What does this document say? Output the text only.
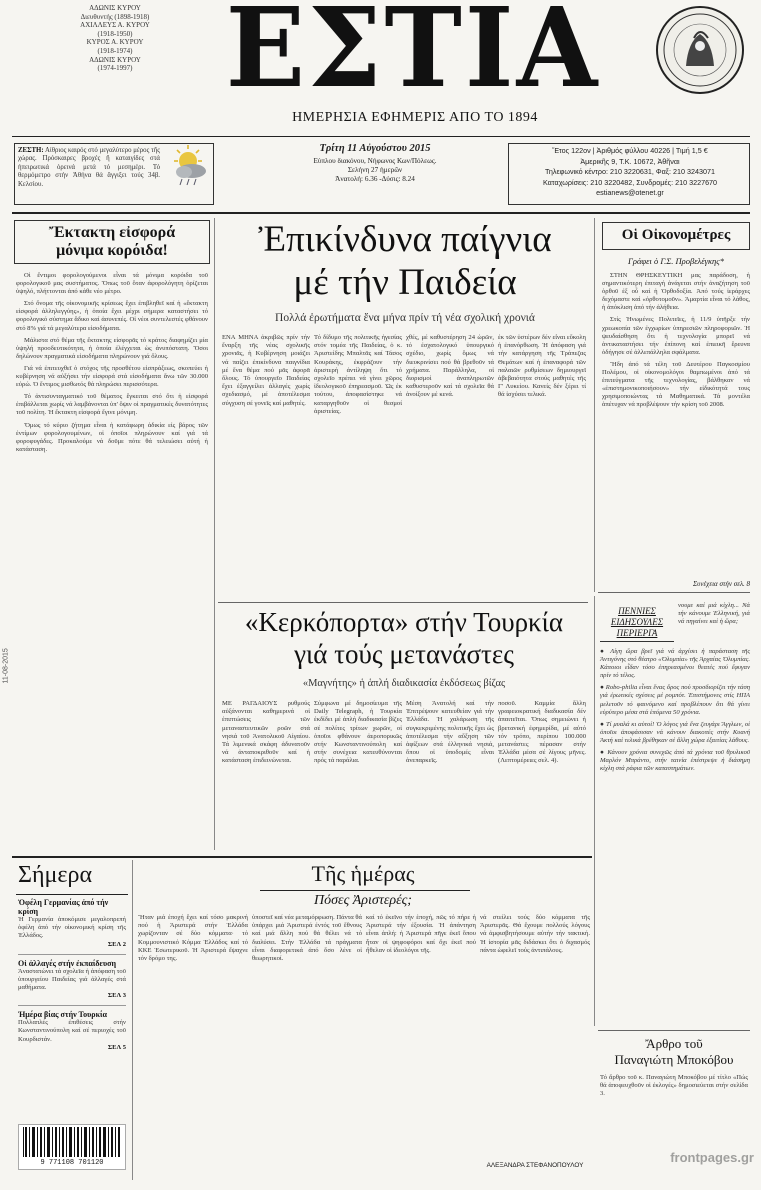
ΑΔΩΝΙΣ ΚΥΡΟΥ
Διευθυντής (1898-1918)
ΑΧΙΛΛΕΥΣ Α. ΚΥΡΟΥ
(1918-1950)
ΚΥΡΟΣ Α. ΚΥΡΟΥ
(1918-1974)
ΑΔΩΝΙΣ ΚΥΡΟΥ
(1974-1997) ΕΣΤΙΑ
ΗΜΕΡΗΣΙΑ ΕΦΗΜΕΡΙΣ ΑΠΟ ΤΟ 1894
ΖΕΣΤΗ: Αίθριος καιρός στό μεγαλύτερο μέρος τῆς χώρας. Πρόσκαιρες βροχές ἢ καταιγίδες στά ἠπειρωτικά ὀρεινά μετά τό μεσημέρι. Τό θερμόμετρο στήν Ἀθήνα θά ἄγγιξει τούς 34β. Κελσίου.
Τρίτη 11 Αὐγούστου 2015
Εὐπλου διακόνου, Νήφωνος Κων/Πόλεως.
Σελήνη 27 ἡμερῶν
Ἀνατολή: 6.36 -Δύσις: 8.24
Ἔτος 122ον | Ἀριθμός φύλλου 40226 | Τιμή 1,5 €
Ἀμερικῆς 9, Τ.Κ. 10672, Ἀθῆναι
Τηλεφωνικό κέντρο: 210 3220631, Φαξ: 210 3243071
Καταχωρίσεις: 210 3220482, Συνδρομές: 210 3227670
estianews@otenet.gr
11-08-2015
Ἔκτακτη εἰσφορά
μόνιμα κορόιδα!

Οἱ ἔντιμοι φορολογούμενοι εἶναι τά μόνιμα κορόιδα τοῦ φορολογικοῦ μας συστήματος. Ὅπως τοῦ ὅταν ἀφορολόγητη ὁρίζεται ὑψηλό, πλήττονται ἀπό κάθε νέο μέτρο.

Στό ὄνομα τῆς οἰκονομικῆς κρίσεως ἔχει ἐπιβληθεῖ καί ἡ «ἔκτακτη εἰσφορά ἀλληλεγγύης», ἡ ὁποία ἔχει μέχρι σήμερα καταστήσει τό φορολογικό σύστημα ἄδικο καί ἀσυνεπές. Οἱ νέοι συντελεστές φθάνουν στό 8% γιά τά μεγαλύτερα εἰσοδήματα.

Μάλιστα στό θέμα τῆς ἔκτακτης εἰσφορᾶς τό κράτος διαφημίζει μία ὑψηλή προοδευτικότητα, ἡ ὁποία ἐλέγχεται ὡς ἀνυπόστατη. Ὅσοι δηλώνουν πραγματικά εἰσοδήματα πληρώνουν γιά ὅλους.

Γιά νά ἐπιτευχθεῖ ὁ στόχος τῆς προσθέτου εἰσπράξεως, σκοπεύει ἡ κυβέρνηση νά αὐξήσει τήν εἰσφορά στά εἰσοδήματα ἄνω τῶν 30.000 εὐρώ. Ὁ ἔντιμος μισθωτός θά πληρώσει περισσότερα.

Τό ἀντισυνταγματικό τοῦ θέματος ἔγκειται στό ὅτι ἡ εἰσφορά ἐπιβάλλεται χωρίς νά λαμβάνονται ὑπ' ὄψιν οἱ πραγματικές δυνατότητες τοῦ πολίτη. Ἡ ἔκτακτη εἰσφορά ἔγινε μόνιμη.

Ὅμως τό κύριο ζήτημα εἶναι ἡ κατάφωρη ἀδικία εἰς βάρος τῶν ἐντίμων φορολογουμένων, οἱ ὁποῖοι πληρώνουν καί γιά τά φοροφυγάδες. Προκαλούμε νά δοῦμε πότε θά τελειώσει αὐτή ἡ κατάσταση.

Ἐπικίνδυνα παίγνια
μέ τήν Παιδεία
Πολλά ἐρωτήματα ἕνα μήνα πρίν τή νέα σχολική χρονιά
ΕΝΑ ΜΗΝΑ ἀκριβῶς πρίν τήν ἔναρξη τῆς νέας σχολικῆς χρονιᾶς, ἡ Κυβέρνηση μοιάζει νά παίζει ἐπικίνδυνα παιγνίδια μέ ἕνα θέμα πού μᾶς ἀφορᾶ ὅλους. Τό ὑπουργεῖο Παιδείας ἔχει ἐξαγγείλει ἀλλαγές χωρίς σχεδιασμό, μέ ἀποτέλεσμα σύγχυση σέ γονεῖς καί μαθητές.
Τό δίδυμο τῆς πολιτικῆς ἡγεσίας στόν τομέα τῆς Παιδείας, ὁ κ. Ἀριστείδης Μπαλτᾶς καί Τάσος Κουράκης, ἐκφράζουν τήν ἀριστερή ἀντίληψη ὅτι τό σχολεῖο πρέπει νά γίνει χῶρος ἰδεολογικοῦ ἐπηρεασμοῦ. Ὡς ἐκ τούτου, ἀποφασίστηκε νά καταργηθοῦν οἱ θεσμοί ἀριστείας.
χθές, μέ καθυστέρηση 24 ὡρῶν, τό ἐσχατολογικό ὑπουργικό σχέδιο, χωρίς ὅμως νά διευκρινίσει πού θά βρεθοῦν τά χρήματα. Παράλληλα, οἱ διορισμοί ἀναπληρωτῶν καθυστεροῦν καί τά σχολεῖα θά ἀνοίξουν μέ κενά.
ἐκ τῶν ὑστέρων δέν εἶναι εὔκολη ἡ ἐπανόρθωση. Ἡ ἀπόφαση γιά τήν κατάργηση τῆς Τράπεζας Θεμάτων καί ἡ ἐπαναφορά τῶν παλαιῶν ρυθμίσεων δημιουργεῖ ἀβεβαιότητα στούς μαθητές τῆς Γ' Λυκείου. Κανείς δέν ξέρει τί θά ἰσχύσει τελικά.
Οἱ Οἰκονομέτρες
Γράφει ὁ Γ.Σ. Προβελέγκης*

ΣΤΗΝ ΘΡΗΣΚΕΥΤΙΚΗ μας παράδοση, ἡ σημαντικότερη ἐπιταγή ἀνάγεται στήν ἀναζήτηση τοῦ ὀρθοῦ ἐξ οὗ καί ἡ Ὀρθοδοξία. Ἀπό τούς ἱεράρχες δεχόμαστε καί «ὀρθοτομοῦν». Ἀμαρτία εἶναι τό λάθος, ἡ ἀπόκλιση ἀπό τήν ἀλήθεια.

Στίς Ἡνωμένες Πολιτεῖες, ἡ 11/9 ὑπῆρξε τήν χρεωκοπία τῶν ἐγχωρίων ὑπηρεσιῶν πληροφοριῶν. Ἡ ψευδαίσθηση ὅτι ἡ τεχνολογία μπορεῖ νά ἀντικαταστήσει τήν ἐπίπονη καί ἐπιεικῆ ἔρευνα ὁδήγησε σέ ἀλλεπάλληλα σφάλματα.

Ἤδη ἀπό τά τέλη τοῦ Δευτέρου Παγκοσμίου Πολέμου, οἱ οἰκονομολόγοι θαμπωμένοι ἀπό τά ἐπιτεύγματα τῆς τεχνολογίας, βάλθηκαν νά «ἐπιστημονικοποιήσουν» τήν εἰδικότητά τους χρησιμοποιώντας τά Μαθηματικά. Τά μοντέλα ἀπέτυχαν νά προβλέψουν τήν κρίση τοῦ 2008.

Συνέχεια στήν σελ. 8
«Κερκόπορτα» στήν Τουρκία
γιά τούς μετανάστες
«Μαγνήτης» ἡ ἁπλή διαδικασία ἐκδόσεως βίζας
ΜΕ ΡΑΓΔΑΙΟΥΣ ρυθμούς αὐξάνονται καθημερινά οἱ ἐπιπτώσεις τῶν μεταναστευτικῶν ροῶν στά νησιά τοῦ Ἀνατολικοῦ Αἰγαίου. Τά λιμενικά σκάφη ἀδυνατοῦν νά ἀνταποκριθοῦν καί ἡ κατάσταση ἐπιδεινώνεται.
Σύμφωνα μέ δημοσίευμα τῆς Daily Telegraph, ἡ Τουρκία ἐκδίδει μέ ἁπλή διαδικασία βίζες σέ πολίτες τρίτων χωρῶν, οἱ ὁποῖοι φθάνουν ἀεροπορικῶς στήν Κωνσταντινούπολη καί στήν συνέχεια κατευθύνονται πρός τά παράλια.
Μέση Ἀνατολή καί τήν Ἐπιτρέψουν κατευθείαν γιά τήν Ἑλλάδα. Ἡ χαλάρωση τῆς συγκεκριμένης πολιτικῆς ἔχει ὡς ἀποτέλεσμα τήν αὔξηση τῶν ἀφίξεων στά ἑλληνικά νησιά, ὅπου οἱ ὑποδομές εἶναι ἀνεπαρκεῖς.
ποσοῦ. Καμμία ἄλλη γραφειοκρατική διαδικασία δέν ἀπαιτεῖται. Ὅπως σημειώνει ἡ βρετανική ἐφημερίδα, μέ αὐτό τόν τρόπο, περίπου 100.000 μετανάστες πέρασαν στήν Ἑλλάδα μέσα σέ λίγους μῆνες. (Λεπτομέρειες σελ. 4).
ΠΕΝΝΙΕΣ
ΕΙΔΗΣΟΥΛΕΣ
ΠΕΡΙΕΡΓΑ
νουμε καί μιά κίχλη... Νά τήν κάνουμε Ἑλληνική, γιά νά πηγαίνει καί ἡ ὥρα;

● Λίγη ὥρα βρεῖ γιά νά ἀρχίσει ἡ παράσταση τῆς Ἀντιγόνης στό θέατρο «Ὀλυμπία» τῆς Ἀρχαίας Ὀλυμπίας. Κάποιοι εἶδαν τόσο ἐπηρεασμένοι θεατές πού ἔφυγαν πρίν τό τέλος.

● Robo-philia εἶναι ἕνας ὅρος πού προσδιορίζει τήν τάση γιά ἐρωτικές σχέσεις μέ ρομπότ. Ἐπιστήμονες στίς ΗΠΑ μελετοῦν τό φαινόμενο καί προβλέπουν ὅτι θά γίνει εὐρύτερο μέσα στά ἑπόμενα 50 χρόνια.

● Τί μυαλά κι αὐτοί! Ὁ λόγος γιά ἕνα ζευγάρι Ἄγγλων, οἱ ὁποῖοι ἀποφάσισαν νά κάνουν διακοπές στήν Κυανή Ἀκτή καί τελικά βρέθηκαν σέ ἄλλη χώρα ἐξαιτίας λάθους.

● Κάνουν χρόνια συνεχῶς ἀπό τά χρόνια τοῦ θρυλικοῦ Μαρλόν Μπράντο, στήν ταινία ἐπέστρεψε ἡ διάσημη κίχλη στά ράφια τῶν καταστημάτων.

Σήμερα
Ὀφέλη Γερμανίας ἀπό τήν κρίση
Ἡ Γερμανία ἀποκόμισε μεγαλοπρεπή ὀφέλη ἀπό τήν οἰκονομική κρίση τῆς Ἑλλάδος.
ΣΕΛ 2
Οἱ ἀλλαγές στήν ἐκπαίδευση
Ἀναστατώνει τά σχολεῖα ἡ ἀπόφαση τοῦ ὑπουργείου Παιδείας γιά ἀλλαγές στά μαθήματα.
ΣΕΛ 3
Ἡμέρα βίας στήν Τουρκία
Πολλαπλές ἐπιθέσεις στήν Κωνσταντινούπολη καί σέ περιοχές τοῦ Κουρδιστάν.
ΣΕΛ 5
9 771108 701120
Τῆς ἡμέρας
Πόσες Ἀριστερές;
Ἤταν μιά ἐποχή ἔχει καί τόσο μακρινή πού ἡ Ἀριστερά στήν Ἑλλάδα χωρίζονταν σέ δύο κόμματα· τό Κομμουνιστικό Κόμμα Ἑλλάδος καί τό ΚΚΕ Ἐσωτερικοῦ. Ἡ Ἀριστερά ἔψαχνε τόν δρόμο της.
ὑποστεῖ καί νέα μεταμόρφωση. Πάντα θά ὑπάρχει μιά Ἀριστερά ἐντός τοῦ ἔθνους καί μιά ἄλλη πού θά θέλει νά τό διαλύσει. Στήν Ἑλλάδα τά πράγματα εἶναι διαφορετικά ἀπό ὅσο λένε οἱ θεωρητικοί.
καί τό ἐκεῖνο τήν ἑποχή, πῶς τό πήρε ἡ Ἀριστερά τήν ἐξουσία. Ἡ ἀπάντηση εἶναι ἁπλή: ἡ Ἀριστερά πῆγε ἐκεῖ ὅπου ἦταν οἱ ψηφοφόροι καί ὄχι ἐκεῖ πού ἤθελαν οἱ ἰδεολόγοι τῆς.
νά στείλει τούς δύο κόμματα τῆς Ἀριστερᾶς. Θά ἔχουμε πολλούς λόγους νά ἀμφισβητήσουμε αὐτήν τήν τακτική. Ἡ ἱστορία μᾶς διδάσκει ὅτι ὁ διχασμός πάντα ὠφελεῖ τούς ἀντιπάλους.
ΑΛΕΞΑΝΔΡΑ ΣΤΕΦΑΝΟΠΟΥΛΟΥ
Ἄρθρο τοῦ
Παναγιώτη Μποκόβου
Τό ἄρθρο τοῦ κ. Παναγιώτη Μποκόβου μέ τίτλο «Πώς θά ἀποφευχθοῦν οἱ ἐκλογές» δημοσιεύεται στήν σελίδα 3.
frontpages.gr
